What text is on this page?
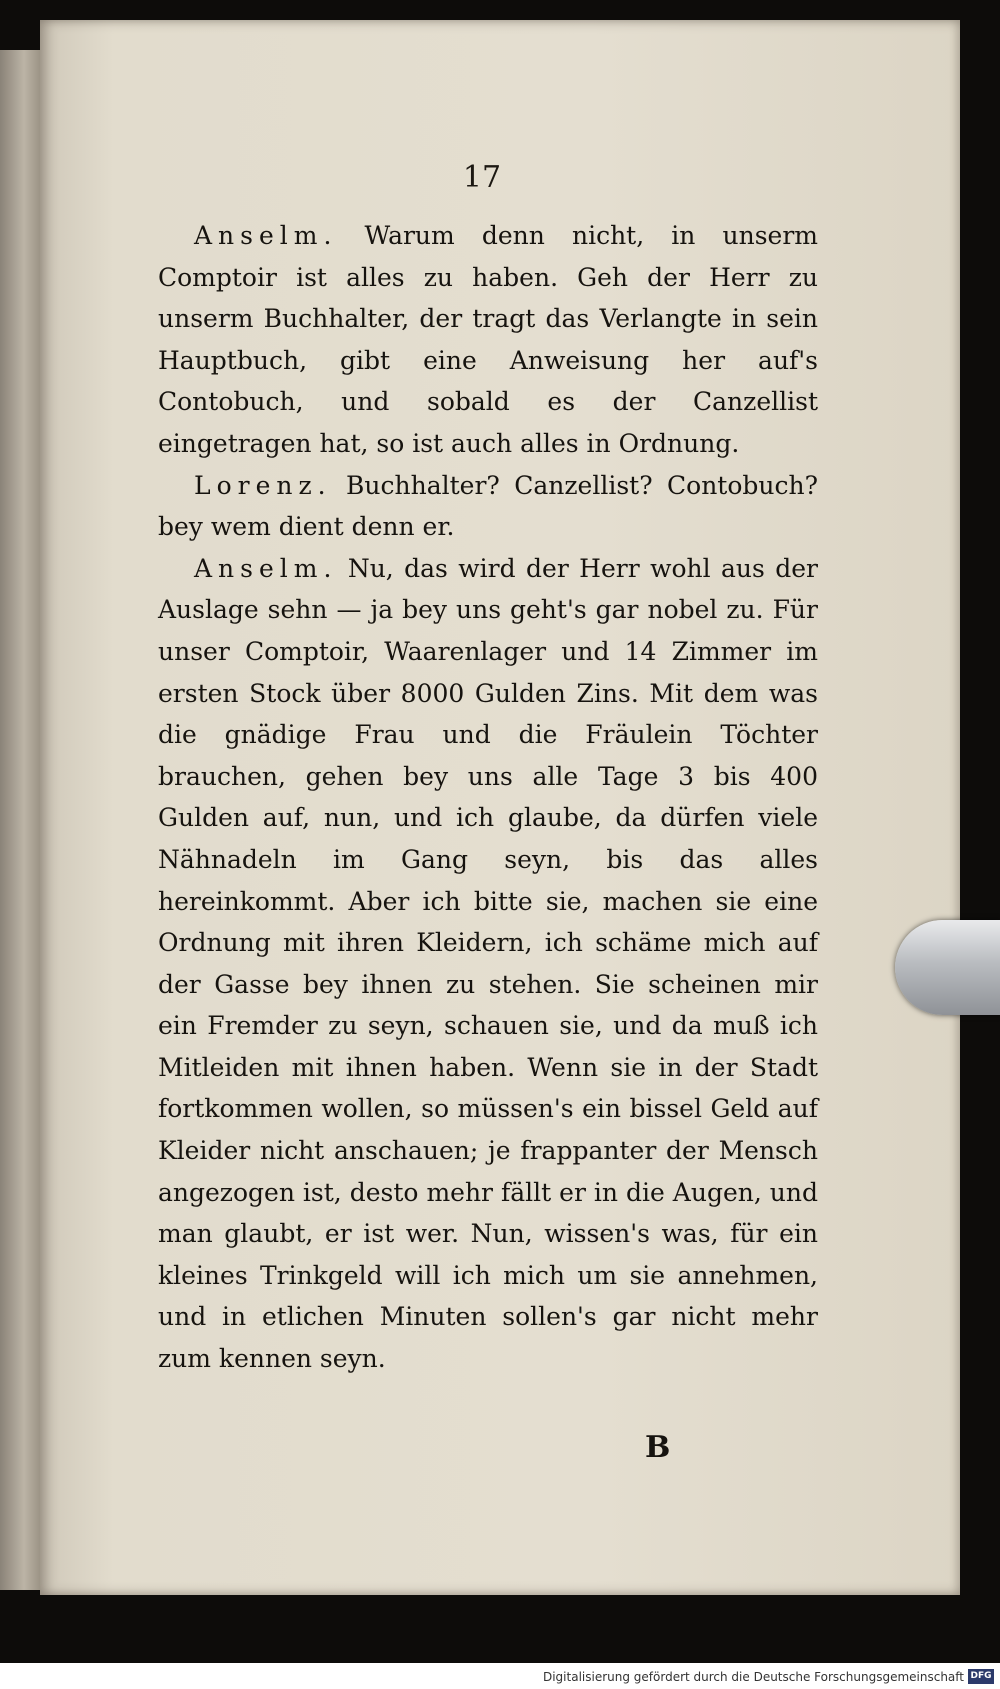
17

Anselm. Warum denn nicht, in unserm Comptoir ist alles zu haben. Geh der Herr zu unserm Buchhalter, der tragt das Verlangte in sein Hauptbuch, gibt eine Anweisung her auf's Contobuch, und sobald es der Canzellist eingetragen hat, so ist auch alles in Ordnung.

Lorenz. Buchhalter? Canzellist? Contobuch? bey wem dient denn er.

Anselm. Nu, das wird der Herr wohl aus der Auslage sehn — ja bey uns geht's gar nobel zu. Für unser Comptoir, Waarenlager und 14 Zimmer im ersten Stock über 8000 Gulden Zins. Mit dem was die gnädige Frau und die Fräulein Töchter brauchen, gehen bey uns alle Tage 3 bis 400 Gulden auf, nun, und ich glaube, da dürfen viele Nähnadeln im Gang seyn, bis das alles hereinkommt. Aber ich bitte sie, machen sie eine Ordnung mit ihren Kleidern, ich schäme mich auf der Gasse bey ihnen zu stehen. Sie scheinen mir ein Fremder zu seyn, schauen sie, und da muß ich Mitleiden mit ihnen haben. Wenn sie in der Stadt fortkommen wollen, so müssen's ein bissel Geld auf Kleider nicht anschauen; je frappanter der Mensch angezogen ist, desto mehr fällt er in die Augen, und man glaubt, er ist wer. Nun, wissen's was, für ein kleines Trinkgeld will ich mich um sie annehmen, und in etlichen Minuten sollen's gar nicht mehr zum kennen seyn.

B
Digitalisierung gefördert durch die Deutsche Forschungsgemeinschaft DFG
